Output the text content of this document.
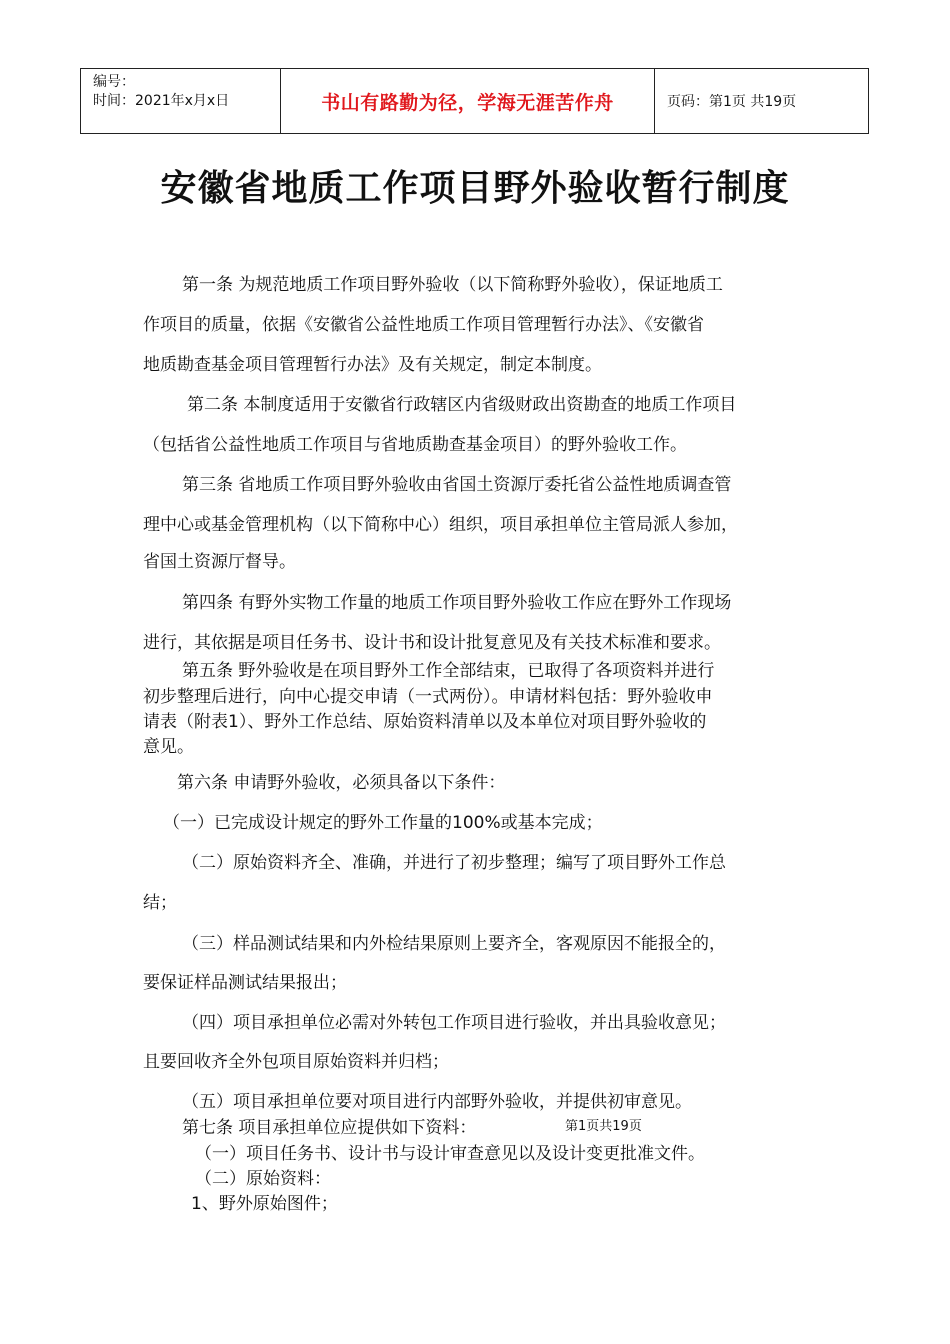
编号：
时间：2021年x月x日	书山有路勤为径，学海无涯苦作舟	页码：第1页 共19页
安徽省地质工作项目野外验收暂行制度
第一条 为规范地质工作项目野外验收（以下简称野外验收），保证地质工
作项目的质量，依据《安徽省公益性地质工作项目管理暂行办法》、《安徽省
地质勘查基金项目管理暂行办法》及有关规定，制定本制度。
第二条 本制度适用于安徽省行政辖区内省级财政出资勘查的地质工作项目
（包括省公益性地质工作项目与省地质勘查基金项目）的野外验收工作。
第三条 省地质工作项目野外验收由省国土资源厅委托省公益性地质调查管
理中心或基金管理机构（以下简称中心）组织，项目承担单位主管局派人参加，
省国土资源厅督导。
第四条 有野外实物工作量的地质工作项目野外验收工作应在野外工作现场
进行，其依据是项目任务书、设计书和设计批复意见及有关技术标准和要求。
第五条 野外验收是在项目野外工作全部结束，已取得了各项资料并进行
初步整理后进行，向中心提交申请（一式两份）。申请材料包括：野外验收申
请表（附表1）、野外工作总结、原始资料清单以及本单位对项目野外验收的
意见。
第六条 申请野外验收，必须具备以下条件：
（一）已完成设计规定的野外工作量的100%或基本完成；
（二）原始资料齐全、准确，并进行了初步整理；编写了项目野外工作总
结；
（三）样品测试结果和内外检结果原则上要齐全，客观原因不能报全的，
要保证样品测试结果报出；
（四）项目承担单位必需对外转包工作项目进行验收，并出具验收意见；
且要回收齐全外包项目原始资料并归档；
（五）项目承担单位要对项目进行内部野外验收，并提供初审意见。
第七条 项目承担单位应提供如下资料：
（一）项目任务书、设计书与设计审查意见以及设计变更批准文件。
（二）原始资料：
1、野外原始图件；
第1页共19页
